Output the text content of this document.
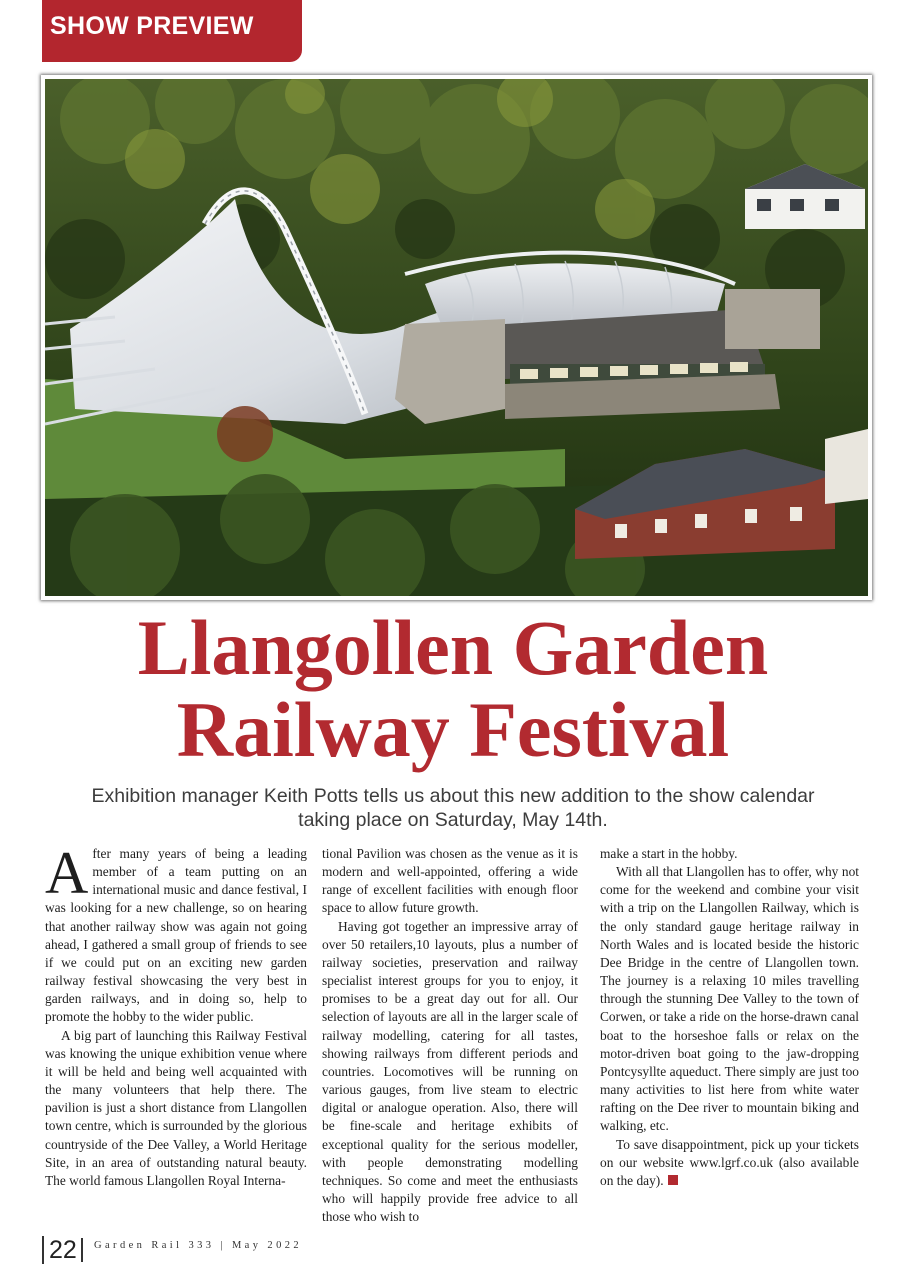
SHOW PREVIEW
Llangollen Garden
Railway Festival
Exhibition manager Keith Potts tells us about this new addition to the show calendar
taking place on Saturday, May 14th.

After many years of being a leading member of a team putting on an international music and dance festival, I was looking for a new challenge, so on hearing that another railway show was again not going ahead, I gathered a small group of friends to see if we could put on an exciting new garden railway festival showcasing the very best in garden railways, and in doing so, help to promote the hobby to the wider public.

A big part of launching this Railway Festival was knowing the unique exhibition venue where it will be held and being well acquainted with the many volunteers that help there. The pavilion is just a short distance from Llangollen town centre, which is surrounded by the glorious countryside of the Dee Valley, a World Heritage Site, in an area of outstanding natural beauty. The world famous Llangollen Royal Interna-

tional Pavilion was chosen as the venue as it is modern and well-appointed, offering a wide range of excellent facilities with enough floor space to allow future growth.

Having got together an impressive array of over 50 retailers,10 layouts, plus a number of railway societies, preservation and railway specialist interest groups for you to enjoy, it promises to be a great day out for all. Our selection of layouts are all in the larger scale of railway modelling, catering for all tastes, showing railways from different periods and countries. Locomotives will be running on various gauges, from live steam to electric digital or analogue operation. Also, there will be fine-scale and heritage exhibits of exceptional quality for the serious modeller, with people demonstrating modelling techniques. So come and meet the enthusiasts who will happily provide free advice to all those who wish to

make a start in the hobby.

With all that Llangollen has to offer, why not come for the weekend and combine your visit with a trip on the Llangollen Railway, which is the only standard gauge heritage railway in North Wales and is located beside the historic Dee Bridge in the centre of Llangollen town. The journey is a relaxing 10 miles travelling through the stunning Dee Valley to the town of Corwen, or take a ride on the horse-drawn canal boat to the horseshoe falls or relax on the motor-driven boat going to the jaw-dropping Pontcysyllte aqueduct. There simply are just too many activities to list here from white water rafting on the Dee river to mountain biking and walking, etc.

To save disappointment, pick up your tickets on our website www.lgrf.co.uk (also available on the day).

22 Garden Rail 333 | May 2022
